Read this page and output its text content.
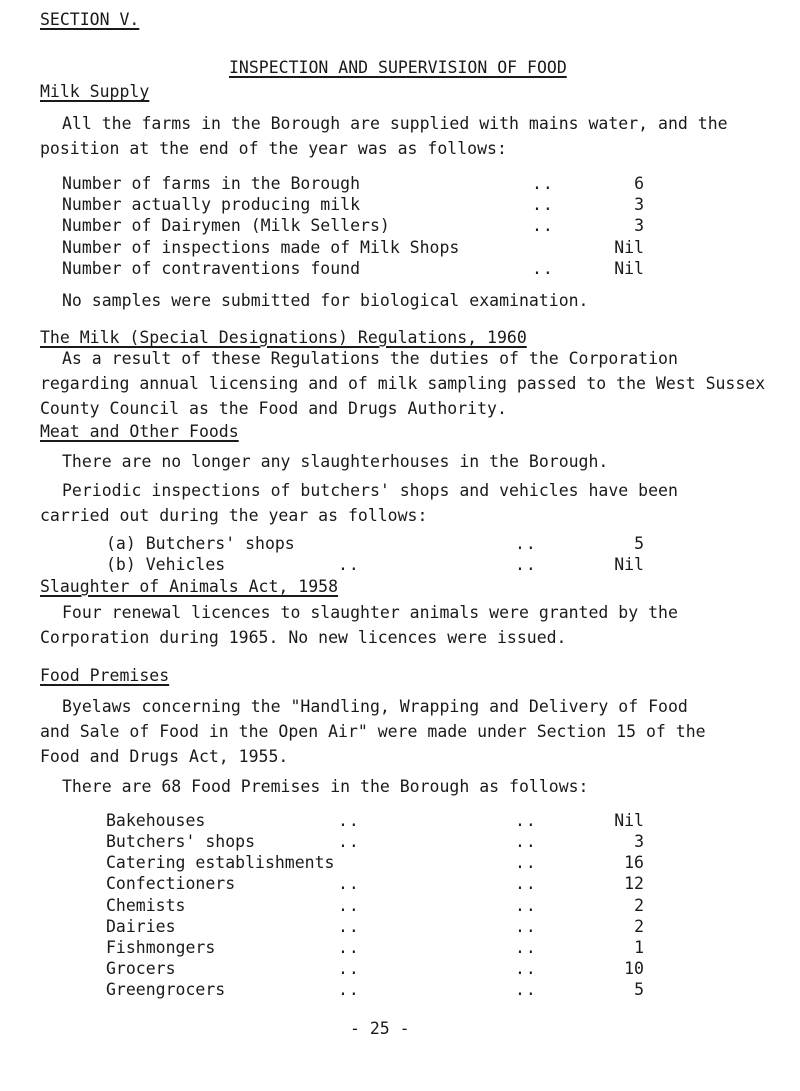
SECTION V.
INSPECTION AND SUPERVISION OF FOOD
Milk Supply
All the farms in the Borough are supplied with mains water, and the
position at the end of the year was as follows:
Number of farms in the Borough	..	6
Number actually producing milk	..	3
Number of Dairymen (Milk Sellers)	..	3
Number of inspections made of Milk Shops	Nil
Number of contraventions found	..	Nil
No samples were submitted for biological examination.
The Milk (Special Designations) Regulations, 1960
As a result of these Regulations the duties of the Corporation
regarding annual licensing and of milk sampling passed to the West Sussex
County Council as the Food and Drugs Authority.
Meat and Other Foods
There are no longer any slaughterhouses in the Borough.
Periodic inspections of butchers' shops and vehicles have been
carried out during the year as follows:
(a) Butchers' shops	..	5
(b) Vehicles	..	..	Nil
Slaughter of Animals Act, 1958
Four renewal licences to slaughter animals were granted by the
Corporation during 1965. No new licences were issued.
Food Premises
Byelaws concerning the "Handling, Wrapping and Delivery of Food
and Sale of Food in the Open Air" were made under Section 15 of the
Food and Drugs Act, 1955.
There are 68 Food Premises in the Borough as follows:
Bakehouses	..	..	Nil
Butchers' shops	..	..	3
Catering establishments	..	16
Confectioners	..	..	12
Chemists	..	..	2
Dairies	..	..	2
Fishmongers	..	..	1
Grocers	..	..	10
Greengrocers	..	..	5
- 25 -
